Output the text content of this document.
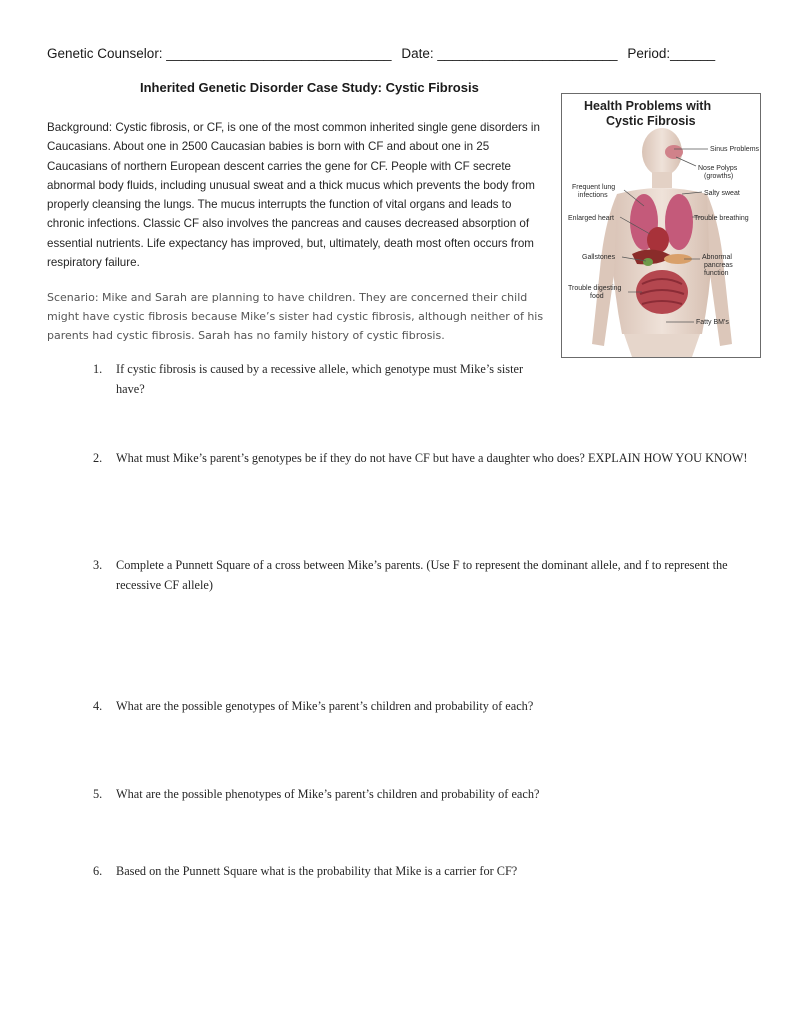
Genetic Counselor: ______________________________ Date: ________________________ Period:______
Inherited Genetic Disorder Case Study: Cystic Fibrosis
Background: Cystic fibrosis, or CF, is one of the most common inherited single gene disorders in Caucasians. About one in 2500 Caucasian babies is born with CF and about one in 25 Caucasians of northern European descent carries the gene for CF. People with CF secrete abnormal body fluids, including unusual sweat and a thick mucus which prevents the body from properly cleansing the lungs. The mucus interrupts the function of vital organs and leads to chronic infections. Classic CF also involves the pancreas and causes decreased absorption of essential nutrients. Life expectancy has improved, but, ultimately, death most often occurs from respiratory failure.
Scenario: Mike and Sarah are planning to have children. They are concerned their child might have cystic fibrosis because Mike’s sister had cystic fibrosis, although neither of his parents had cystic fibrosis. Sarah has no family history of cystic fibrosis.
1. If cystic fibrosis is caused by a recessive allele, which genotype must Mike’s sister have?
2. What must Mike’s parent’s genotypes be if they do not have CF but have a daughter who does? EXPLAIN HOW YOU KNOW!
3. Complete a Punnett Square of a cross between Mike’s parents. (Use F to represent the dominant allele, and f to represent the recessive CF allele)
4. What are the possible genotypes of Mike’s parent’s children and probability of each?
5. What are the possible phenotypes of Mike’s parent’s children and probability of each?
6. Based on the Punnett Square what is the probability that Mike is a carrier for CF?
Health Problems with
Cystic Fibrosis
Sinus Problems
Nose Polyps
(growths)
Frequent lung
infections	Salty sweat
Enlarged heart	Trouble breathing
Gallstones	Abnormal
pancreas
function
Trouble digesting
food
Fatty BM's
